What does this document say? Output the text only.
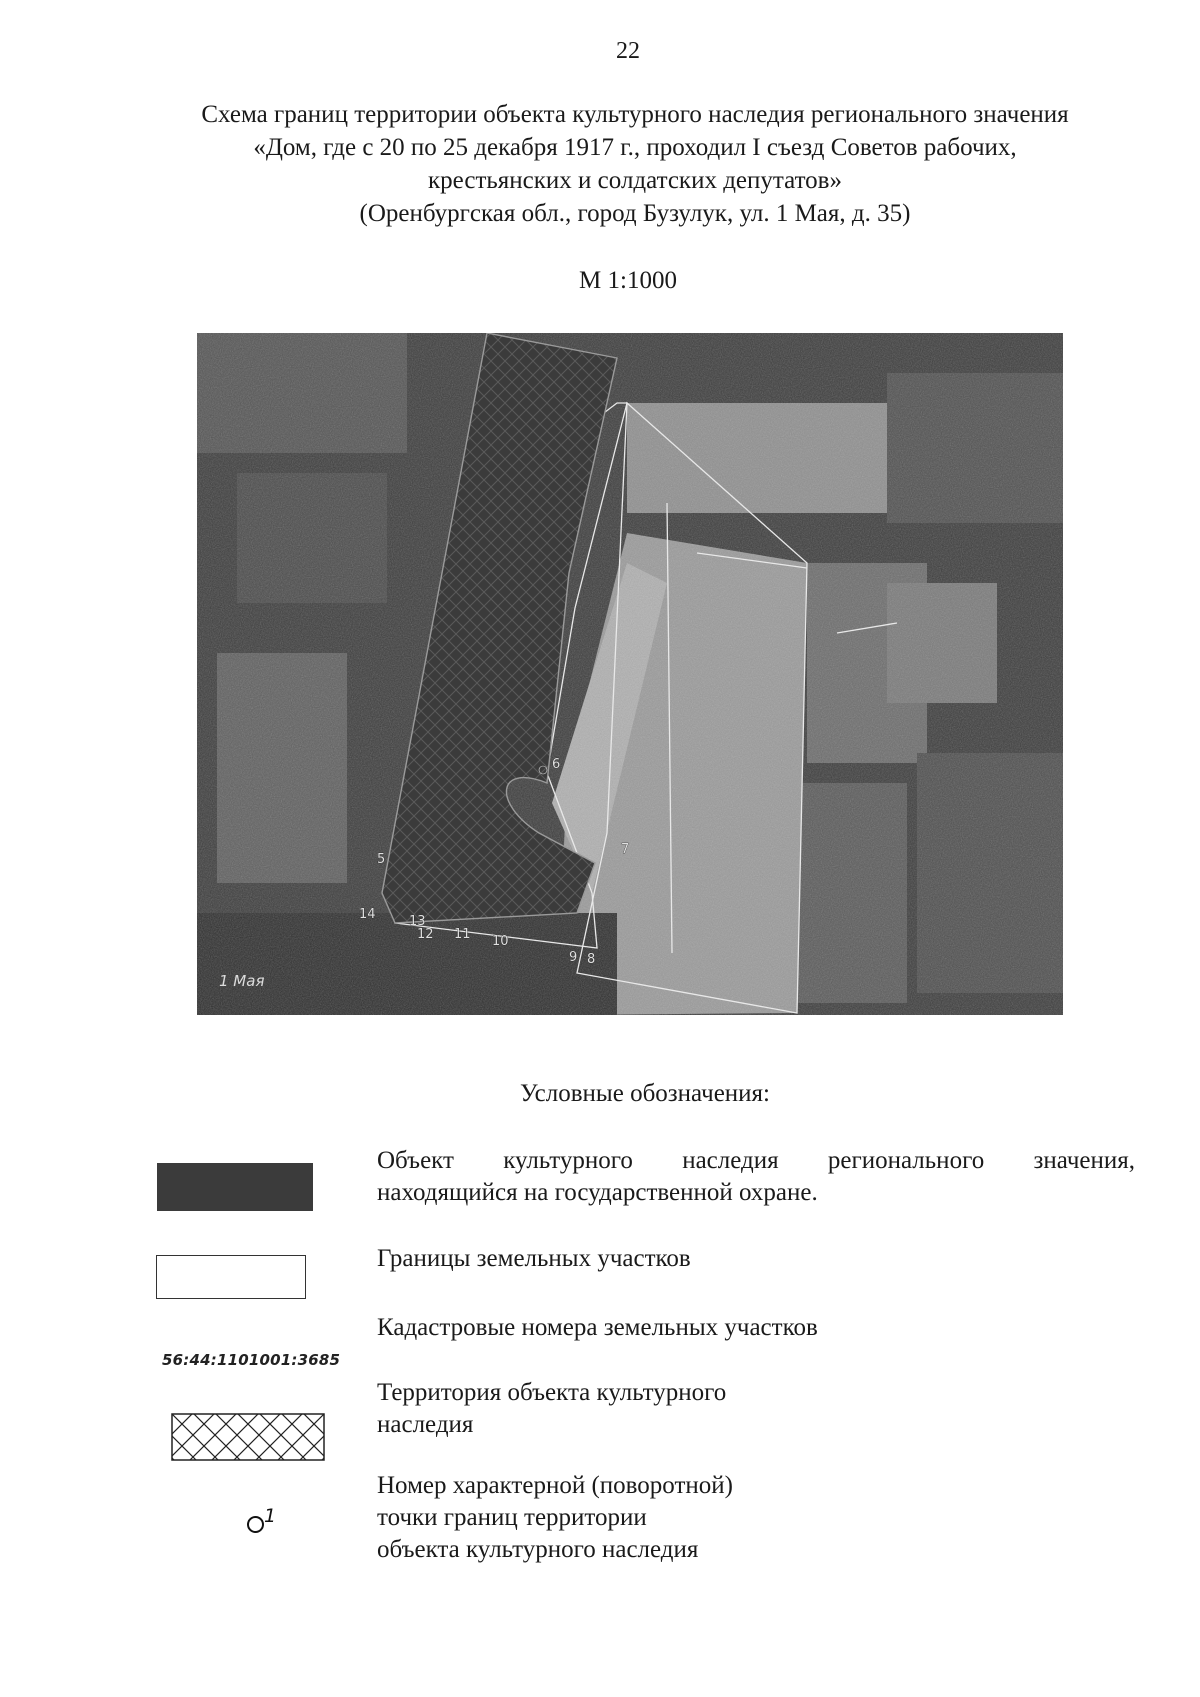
22
Схема границ территории объекта культурного наследия регионального значения
«Дом, где с 20 по 25 декабря 1917 г., проходил I съезд Советов рабочих,
крестьянских и солдатских депутатов»
(Оренбургская обл., город Бузулук, ул. 1 Мая, д. 35)
М 1:1000
6
7
8
9
10
11
12
13
14
5
1 Мая
Условные обозначения:
Объект культурного наследия регионального значения,
находящийся на государственной охране.
Границы земельных участков
56:44:1101001:3685
Кадастровые номера земельных участков
Территория объекта культурного
наследия
$^1$
Номер характерной (поворотной)
точки границ территории
объекта культурного наследия
